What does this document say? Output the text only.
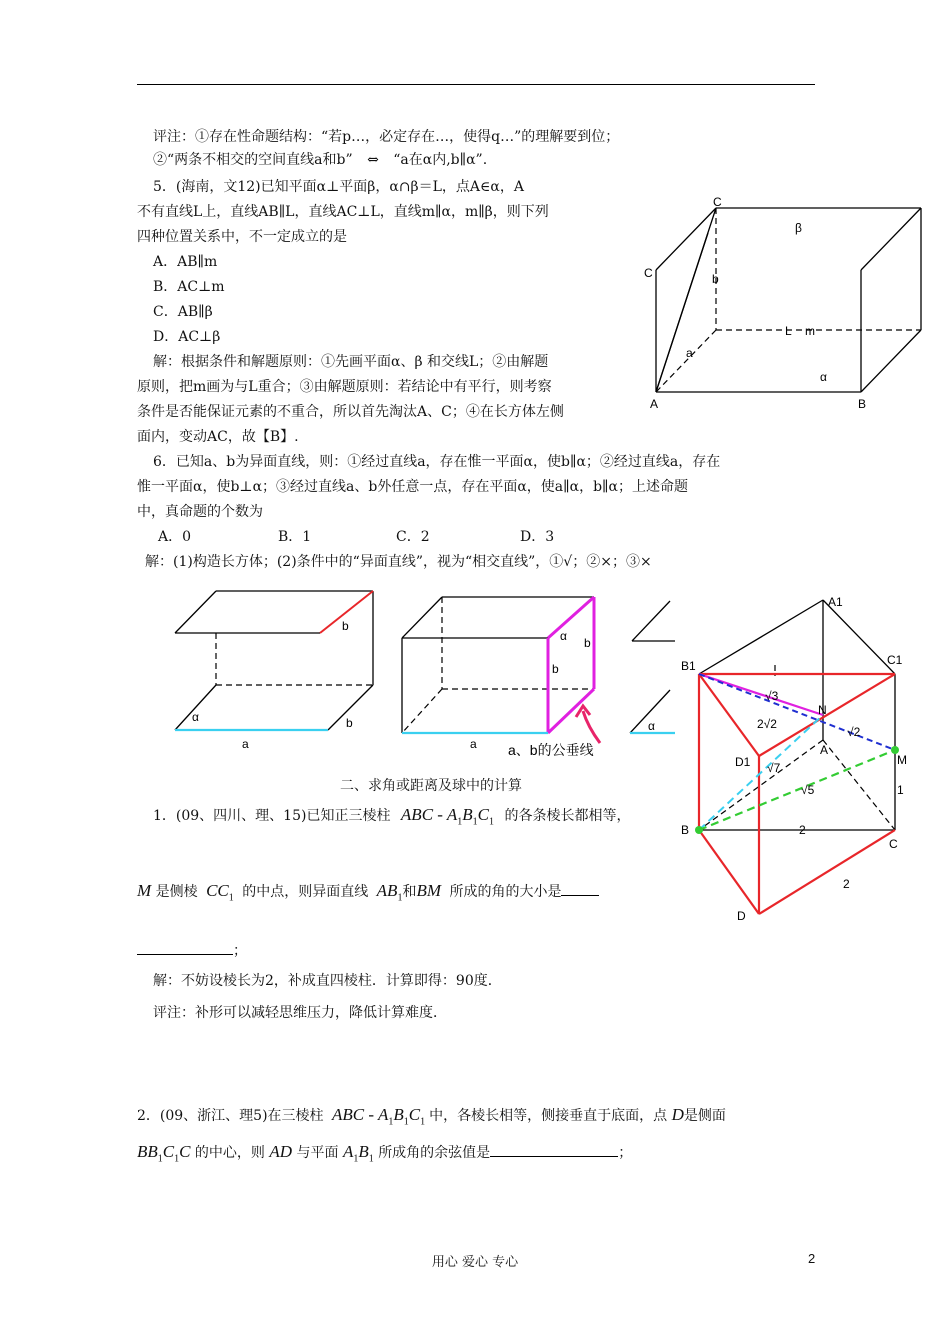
评注：①存在性命题结构：“若p…，必定存在…，使得q…”的理解要到位；
②“两条不相交的空间直线a和b” ⇔ “a在α内,b∥α”.
5．(海南，文12)已知平面α⊥平面β，α∩β＝L，点A∈α，A
不有直线L上，直线AB∥L，直线AC⊥L，直线m∥α，m∥β，则下列
四种位置关系中，不一定成立的是
A．AB∥m
B．AC⊥m
C．AB∥β
D．AC⊥β
解：根据条件和解题原则：①先画平面α、β 和交线L；②由解题
原则，把m画为与L重合；③由解题原则：若结论中有平行，则考察
条件是否能保证元素的不重合，所以首先淘汰A、C；④在长方体左侧
面内，变动AC，故【B】.
6．已知a、b为异面直线，则：①经过直线a，存在惟一平面α，使b∥α；②经过直线a，存在
惟一平面α，使b⊥α；③经过直线a、b外任意一点，存在平面α，使a∥α，b∥α；上述命题
中，真命题的个数为
A．0	B．1	C．2	D．3
解：(1)构造长方体；(2)条件中的“异面直线”，视为“相交直线”，①√；②×；③×
二、求角或距离及球中的计算
1．(09、四川、理、15)已知正三棱柱 ABC - $A_1B_1C_1$ 的各条棱长都相等，
M 是侧棱 $CC_1$ 的中点，则异面直线 $AB_1$和BM 所成的角的大小是
；
解：不妨设棱长为2，补成直四棱柱．计算即得：90度．
评注：补形可以减轻思维压力，降低计算难度．
2．(09、浙江、理5)在三棱柱 ABC - $A_1B_1C_1$ 中，各棱长相等，侧接垂直于底面，点 D是侧面
$BB_1C_1C$ 的中心，则 AD 与平面 $A_1B_1$ 所成角的余弦值是	；
C
β
C	b
L m
a
α
A	B
b
α	b
a
α b
b
a a、b的公垂线
α
A1
B1	C1
√3
N
2√2
√2
A
D1 √7
M
√5	1
B	2
C
2
D
用心 爱心 专心	2
